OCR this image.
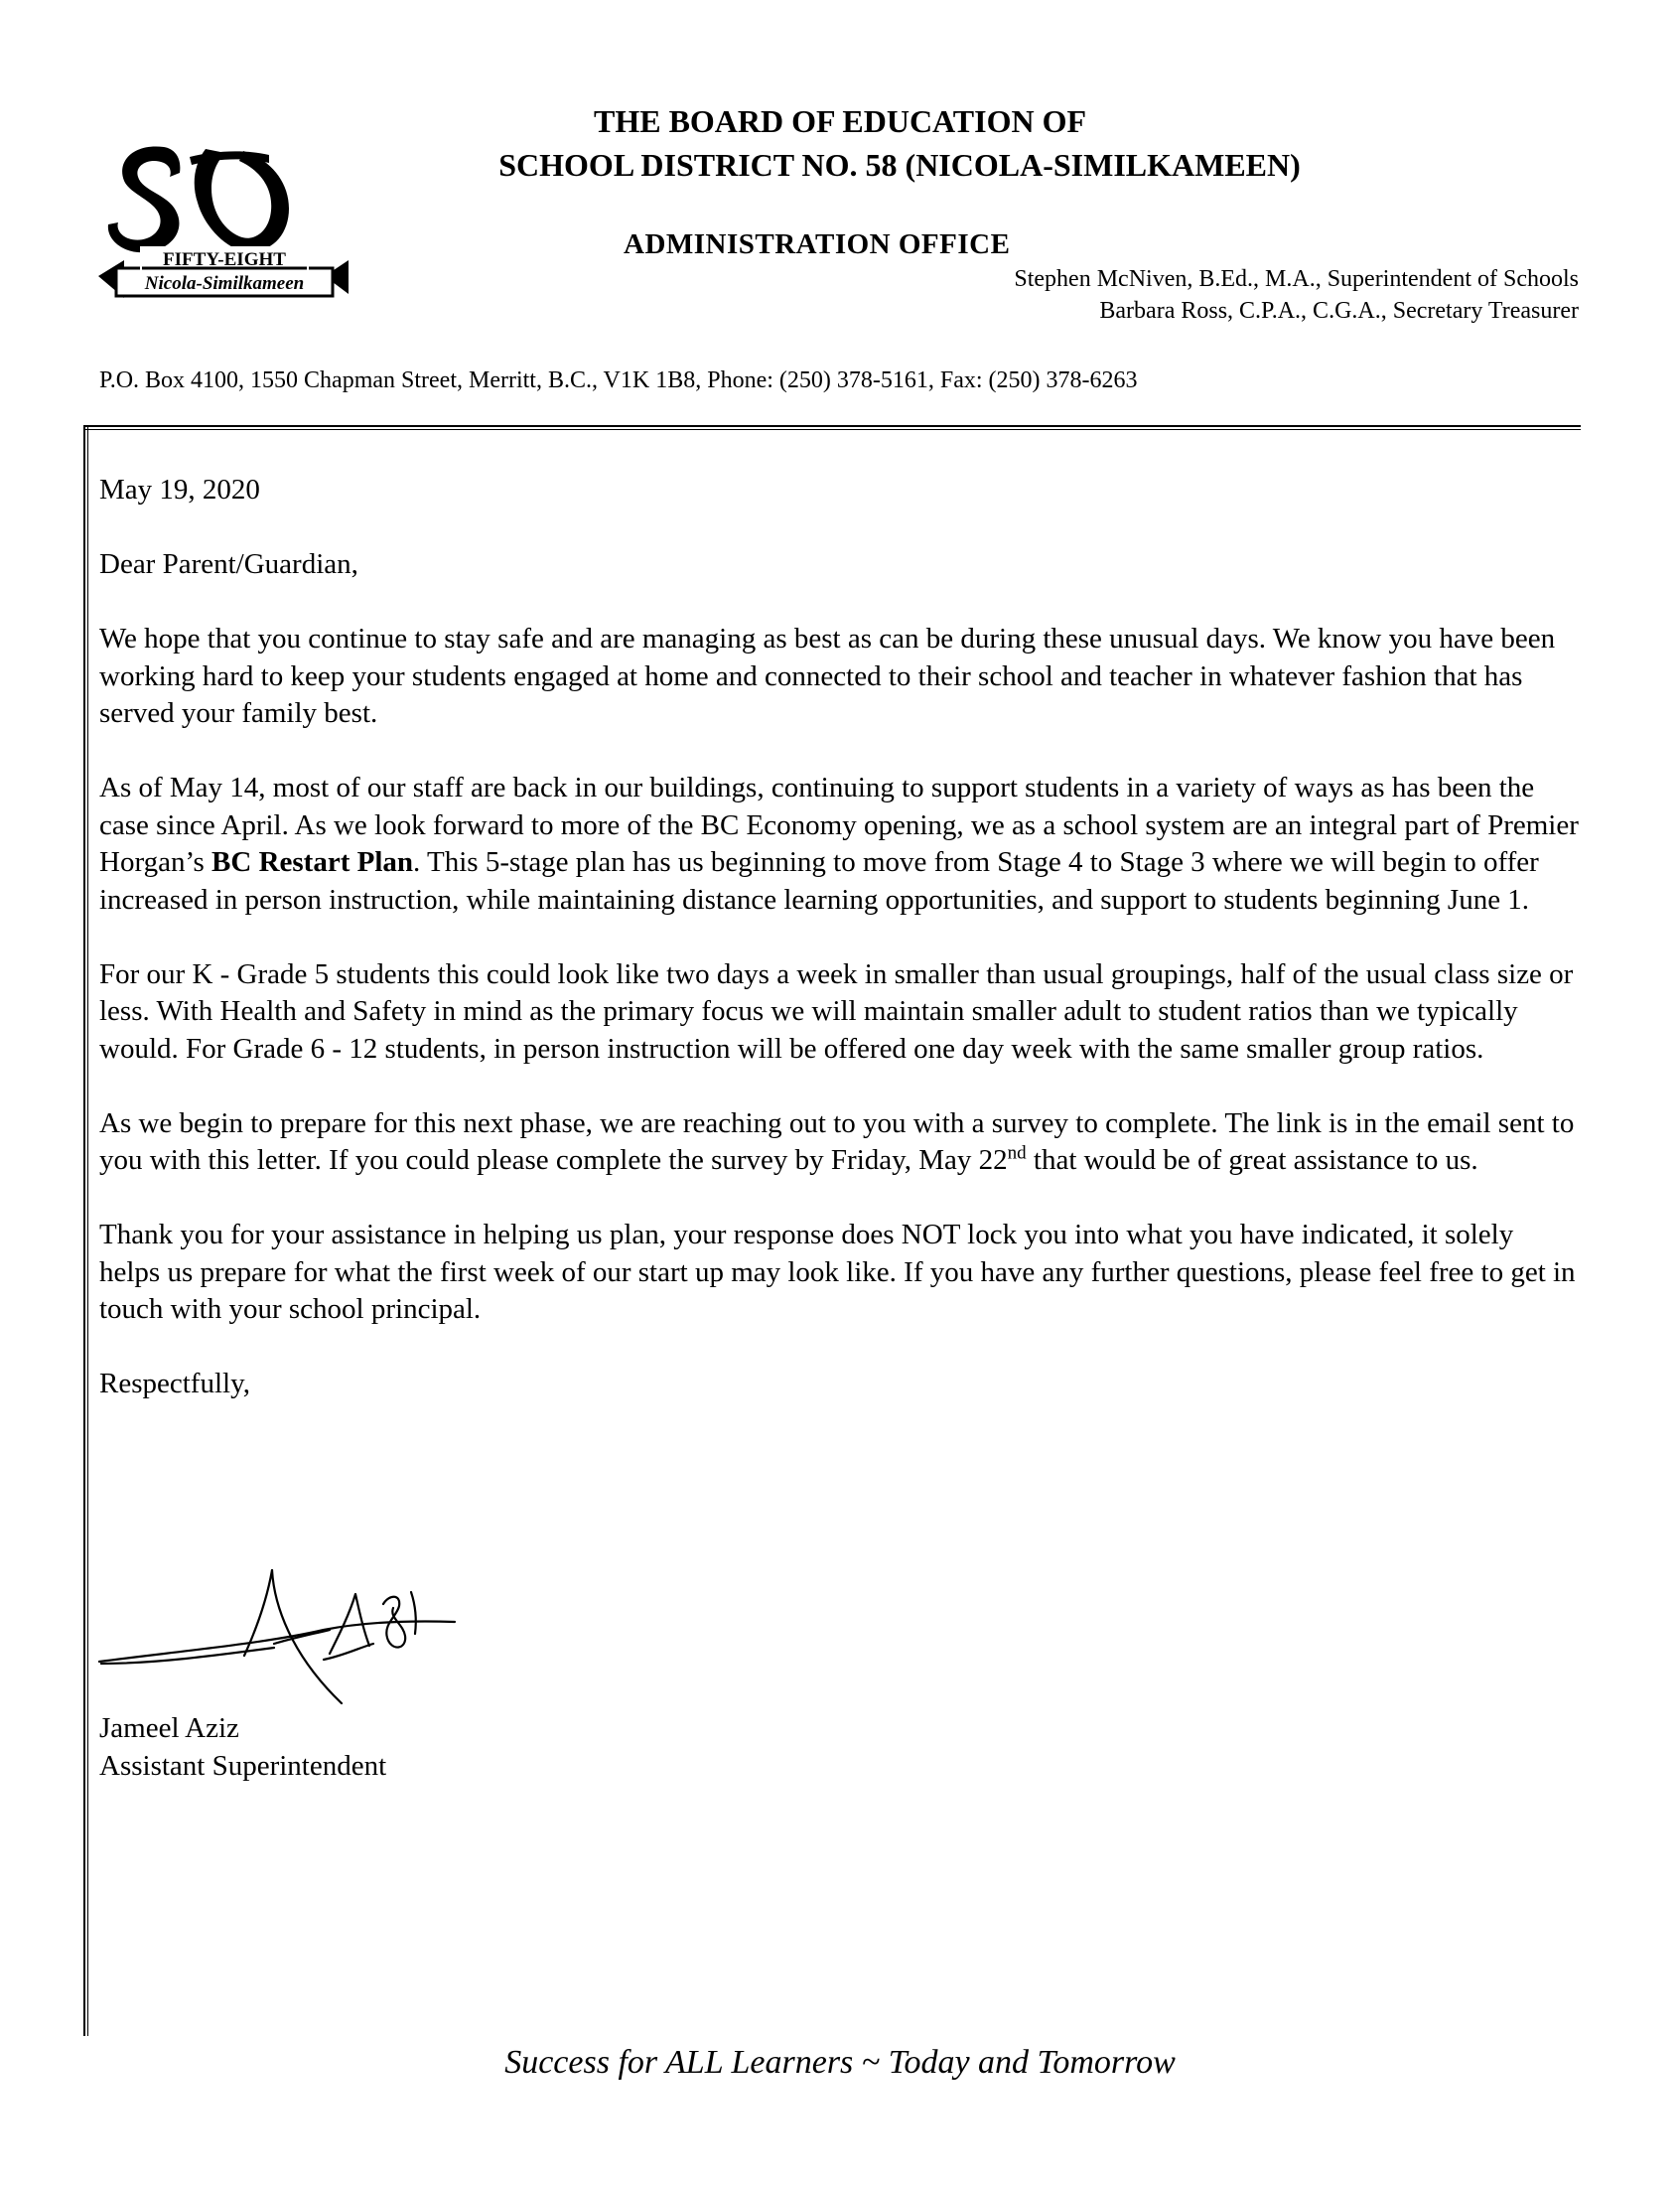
FIFTY-EIGHT
Nicola-Similkameen
THE BOARD OF EDUCATION OF
SCHOOL DISTRICT NO. 58 (NICOLA-SIMILKAMEEN)
ADMINISTRATION OFFICE
Stephen McNiven, B.Ed., M.A., Superintendent of Schools
Barbara Ross, C.P.A., C.G.A., Secretary Treasurer
P.O. Box 4100, 1550 Chapman Street, Merritt, B.C., V1K 1B8, Phone: (250) 378-5161, Fax: (250) 378-6263

May 19, 2020

Dear Parent/Guardian,

We hope that you continue to stay safe and are managing as best as can be during these unusual days. We know you have been working hard to keep your students engaged at home and connected to their school and teacher in whatever fashion that has served your family best.

As of May 14, most of our staff are back in our buildings, continuing to support students in a variety of ways as has been the case since April. As we look forward to more of the BC Economy opening, we as a school system are an integral part of Premier Horgan’s BC Restart Plan. This 5-stage plan has us beginning to move from Stage 4 to Stage 3 where we will begin to offer increased in person instruction, while maintaining distance learning opportunities, and support to students beginning June 1.

For our K - Grade 5 students this could look like two days a week in smaller than usual groupings, half of the usual class size or less. With Health and Safety in mind as the primary focus we will maintain smaller adult to student ratios than we typically would. For Grade 6 - 12 students, in person instruction will be offered one day week with the same smaller group ratios.

As we begin to prepare for this next phase, we are reaching out to you with a survey to complete. The link is in the email sent to you with this letter. If you could please complete the survey by Friday, May 22nd that would be of great assistance to us.

Thank you for your assistance in helping us plan, your response does NOT lock you into what you have indicated, it solely helps us prepare for what the first week of our start up may look like. If you have any further questions, please feel free to get in touch with your school principal.

Respectfully,

Jameel Aziz
Assistant Superintendent
Success for ALL Learners ~ Today and Tomorrow
